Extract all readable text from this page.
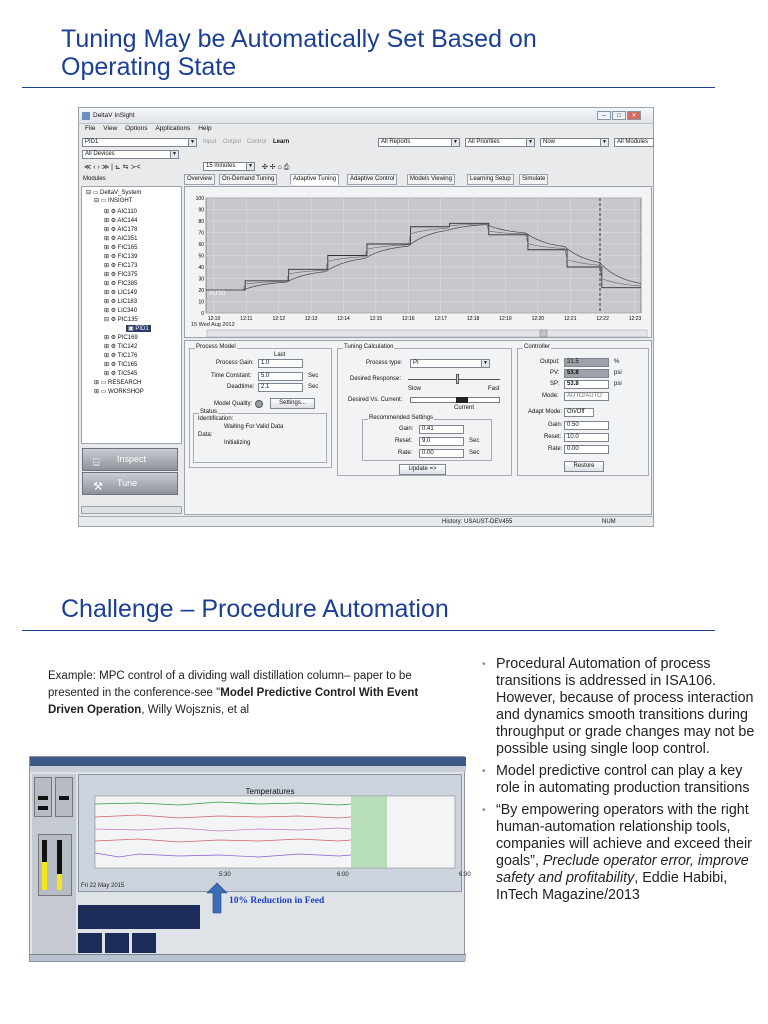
Tuning May be Automatically Set Based on
Operating State
DeltaV InSight	–	□	✕
File View Options Applications Help
PID1	▼ Input Output Control Learn	All Reports	▼	All Priorities	▼	Now	▼	All Modules
All Devices	▼
≪ ‹ › ≫ | ⊾ ⇆ ≻<	15 minutes	▼ ✣ ✢ ⌂ ⎙
Modules
⊟ ▭ DeltaV_System
⊟ ▭ INSIGHT
⊞ ⚙ AIC110
⊞ ⚙ AIC144
⊞ ⚙ AIC178
⊞ ⚙ AIC351
⊞ ⚙ FIC165
⊞ ⚙ FIC139
⊞ ⚙ FIC173
⊞ ⚙ FIC375
⊞ ⚙ FIC385
⊞ ⚙ LIC149
⊞ ⚙ LIC183
⊞ ⚙ LIC340
⊟ ⚙ PIC135
▣ PID1
⊞ ⚙ PIC169
⊞ ⚙ TIC142
⊞ ⚙ TIC176
⊞ ⚙ TIC165
⊞ ⚙ TIC545
⊞ ▭ RESEARCH
⊞ ▭ WORKSHOP
⌸ Inspect
⚒ Tune
Overview	On-Demand Tuning	Adaptive Tuning	Adaptive Control	Models Viewing	Learning Setup	Simulate
100
90
80
70
60
50
40
30
20
10
0
12:10	12:11	12:12	12:13	12:14	12:15	12:16	12:17	12:18	12:19	12:20	12:21	12:22	12:23
AUTO
15 Wed Aug 2012
Process Model
Last
Process Gain:	1.0
Time Constant:	5.0	Sec
Deadtime:	2.1	Sec
Model Quality:	Settings...
Status
Identification:
Waiting For Valid Data
Data:
Initializing
Tuning Calculation
Process type:	PI	▼
Desired Response:
Slow	Fast
Desired Vs. Current:
Current
Recommended Settings
Gain:	0.41
Reset:	9.0	Sec
Rate:	0.00	Sec
Update =>
Controller
Output:	21.5	%
PV:	53.8	psi
SP:	53.8	psi
Mode:	AUTO/AUTO
Adapt Mode: On/Off
Gain: 0.50
Reset: 10.0
Rate: 0.00
Restore
History: USAUST-DEV455	NUM
Challenge – Procedure Automation
Example: MPC control of a dividing wall distillation column– paper to be presented in the conference-see "Model Predictive Control With Event Driven Operation, Willy Wojsznis, et al
Temperatures
Fri 22 May 2015
5:30	6:00	6:30
10% Reduction in Feed
• Procedural Automation of process transitions is addressed in ISA106. However, because of process interaction and dynamics smooth transitions during throughput or grade changes may not be possible using single loop control.
• Model predictive control can play a key role in automating production transitions
• “By empowering operators with the right human-automation relationship tools, companies will achieve and exceed their goals”, Preclude operator error, improve safety and profitability, Eddie Habibi, InTech Magazine/2013
